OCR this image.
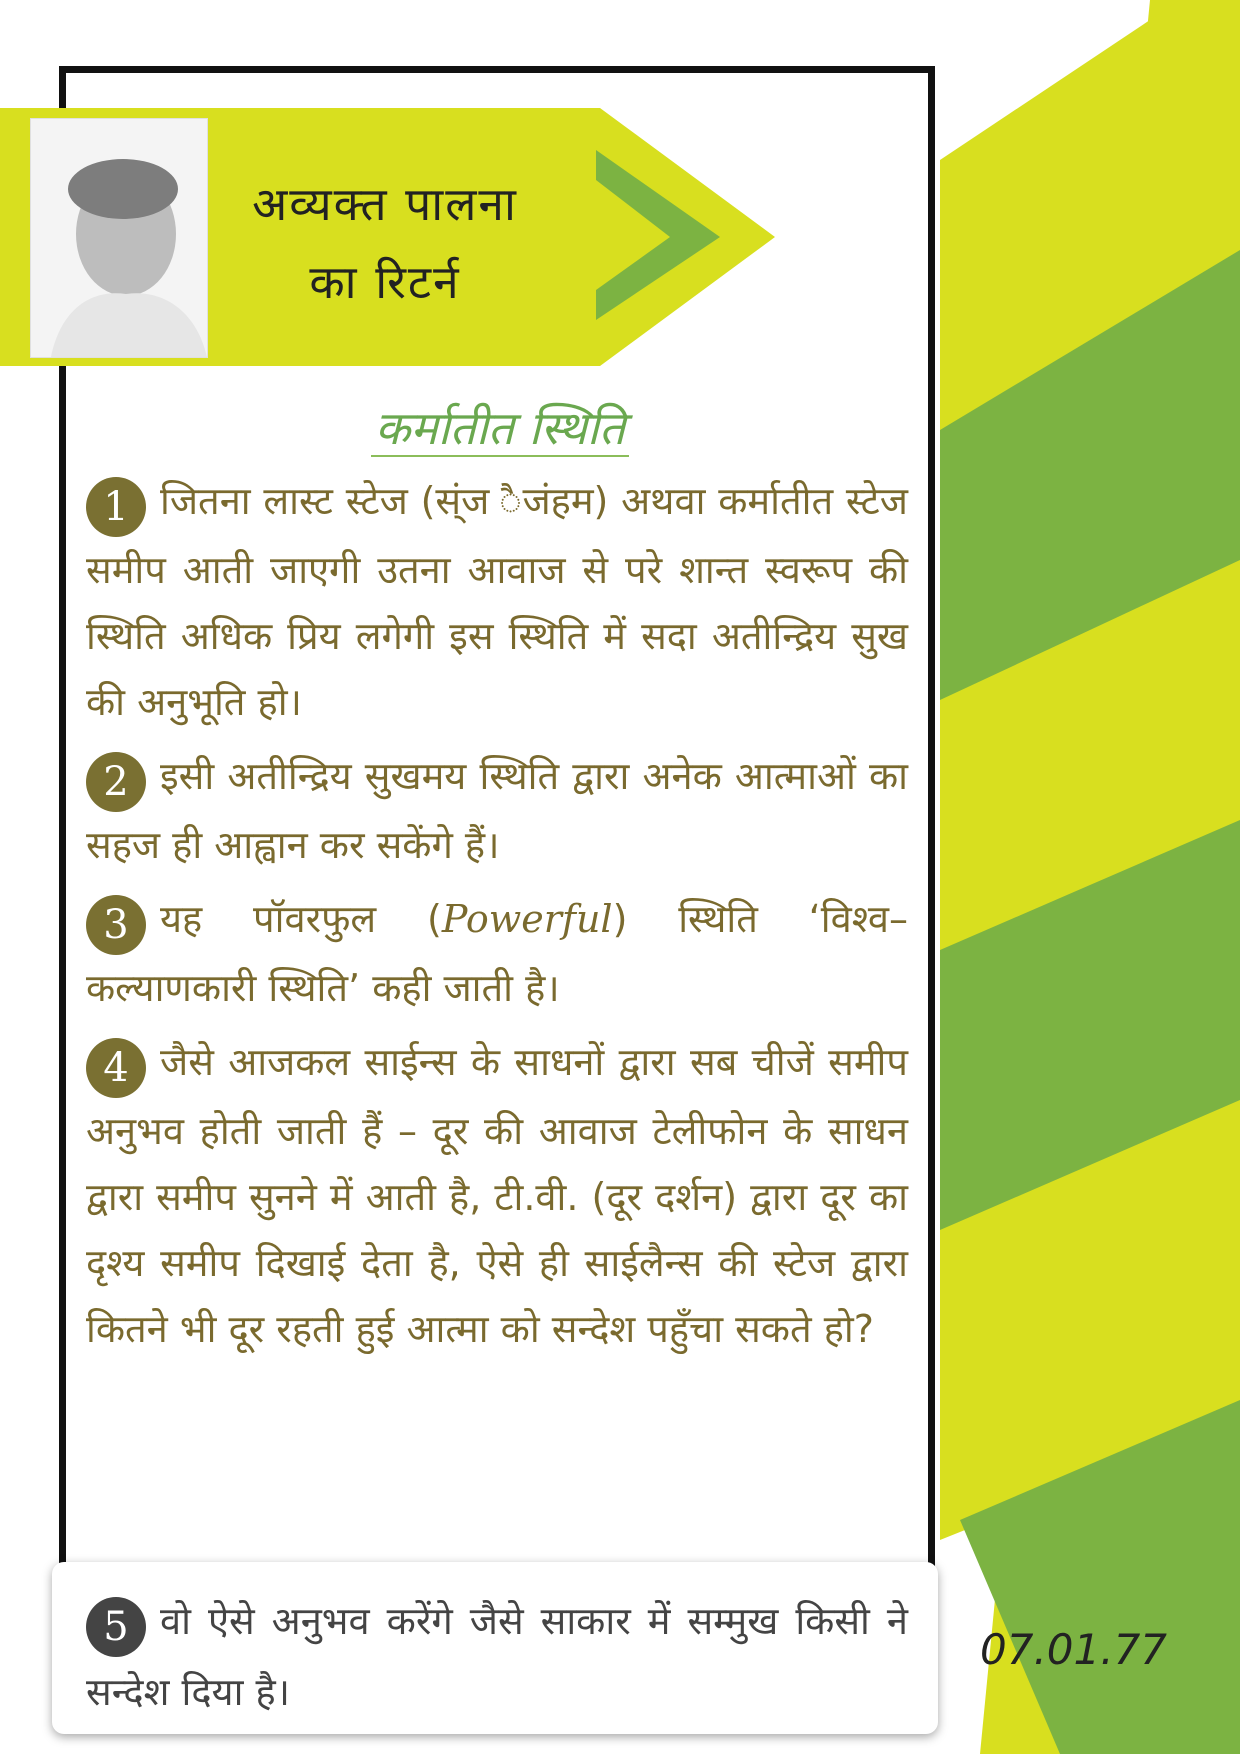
अव्यक्त पालना
का रिटर्न
कर्मातीत स्थिति

1 जितना लास्ट स्टेज (स्ंज ैजंहम) अथवा कर्मातीत स्टेज समीप आती जाएगी उतना आवाज से परे शान्त स्वरूप की स्थिति अधिक प्रिय लगेगी इस स्थिति में सदा अतीन्द्रिय सुख की अनुभूति हो।

2 इसी अतीन्द्रिय सुखमय स्थिति द्वारा अनेक आत्माओं का सहज ही आह्वान कर सकेंगे हैं।

3 यह पॉवरफुल (Powerful) स्थिति ‘विश्व–कल्याणकारी स्थिति’ कही जाती है।

4 जैसे आजकल साईन्स के साधनों द्वारा सब चीजें समीप अनुभव होती जाती हैं – दूर की आवाज टेलीफोन के साधन द्वारा समीप सुनने में आती है, टी.वी. (दूर दर्शन) द्वारा दूर का दृश्य समीप दिखाई देता है, ऐसे ही साईलैन्स की स्टेज द्वारा कितने भी दूर रहती हुई आत्मा को सन्देश पहुँचा सकते हो?

5 वो ऐसे अनुभव करेंगे जैसे साकार में सम्मुख किसी ने सन्देश दिया है।
07.01.77
